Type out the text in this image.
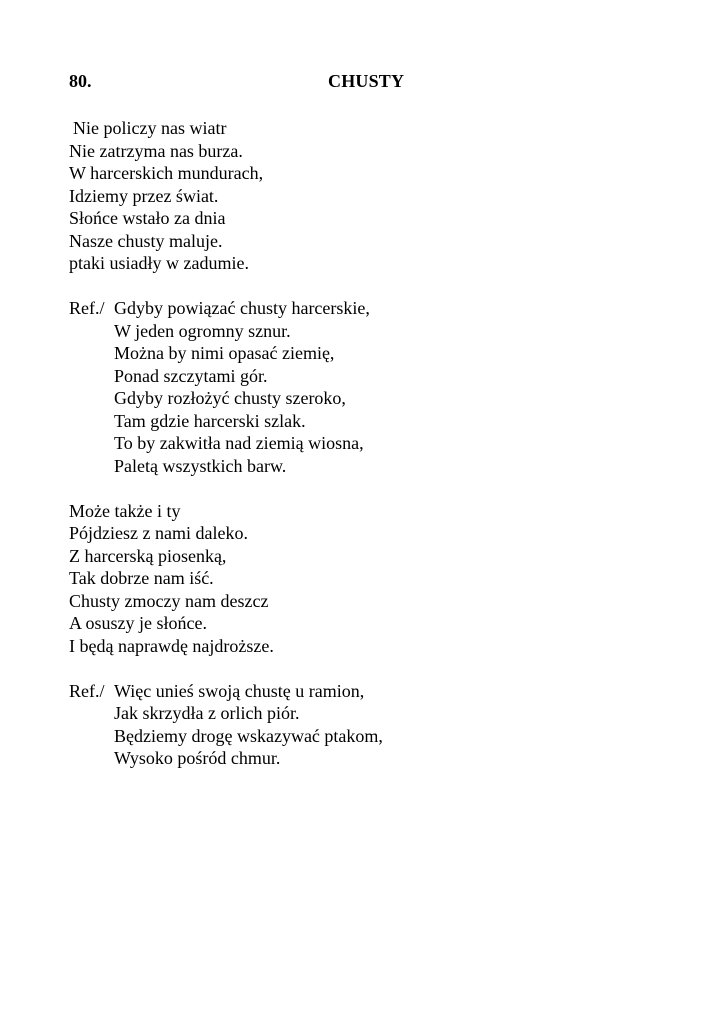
80.	CHUSTY
Nie policzy nas wiatr
Nie zatrzyma nas burza.
W harcerskich mundurach,
Idziemy przez świat.
Słońce wstało za dnia
Nasze chusty maluje.
ptaki usiadły w zadumie.
Ref./ Gdyby powiązać chusty harcerskie,
W jeden ogromny sznur.
Można by nimi opasać ziemię,
Ponad szczytami gór.
Gdyby rozłożyć chusty szeroko,
Tam gdzie harcerski szlak.
To by zakwitła nad ziemią wiosna,
Paletą wszystkich barw.
Może także i ty
Pójdziesz z nami daleko.
Z harcerską piosenką,
Tak dobrze nam iść.
Chusty zmoczy nam deszcz
A osuszy je słońce.
I będą naprawdę najdroższe.
Ref./ Więc unieś swoją chustę u ramion,
Jak skrzydła z orlich piór.
Będziemy drogę wskazywać ptakom,
Wysoko pośród chmur.
